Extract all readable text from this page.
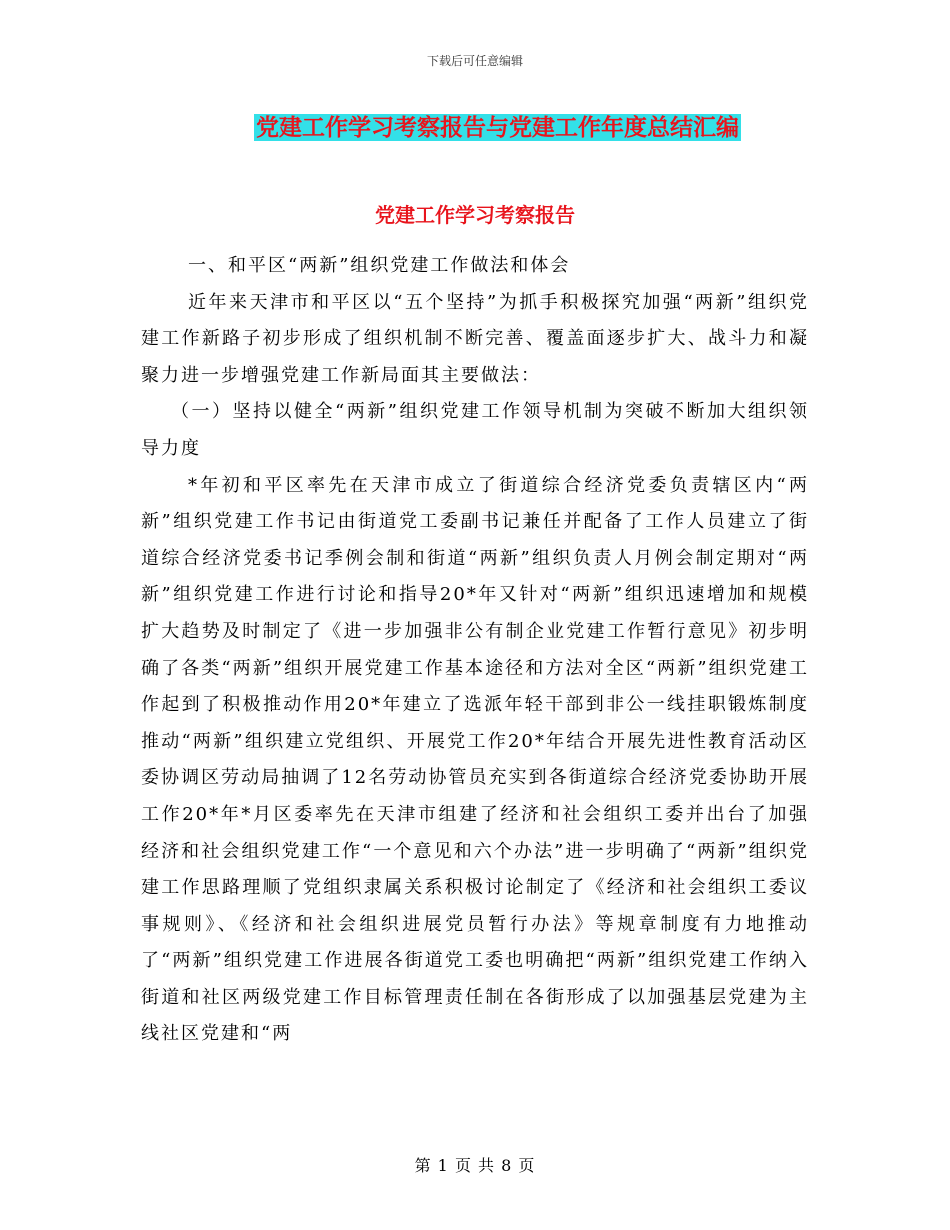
下载后可任意编辑
党建工作学习考察报告与党建工作年度总结汇编
党建工作学习考察报告

一、和平区“两新”组织党建工作做法和体会

近年来天津市和平区以“五个坚持”为抓手积极探究加强“两新”组织党建工作新路子初步形成了组织机制不断完善、覆盖面逐步扩大、战斗力和凝聚力进一步增强党建工作新局面其主要做法：

（一）坚持以健全“两新”组织党建工作领导机制为突破不断加大组织领导力度

*年初和平区率先在天津市成立了街道综合经济党委负责辖区内“两新”组织党建工作书记由街道党工委副书记兼任并配备了工作人员建立了街道综合经济党委书记季例会制和街道“两新”组织负责人月例会制定期对“两新”组织党建工作进行讨论和指导20*年又针对“两新”组织迅速增加和规模扩大趋势及时制定了《进一步加强非公有制企业党建工作暂行意见》初步明确了各类“两新”组织开展党建工作基本途径和方法对全区“两新”组织党建工作起到了积极推动作用20*年建立了选派年轻干部到非公一线挂职锻炼制度推动“两新”组织建立党组织、开展党工作20*年结合开展先进性教育活动区委协调区劳动局抽调了12名劳动协管员充实到各街道综合经济党委协助开展工作20*年*月区委率先在天津市组建了经济和社会组织工委并出台了加强经济和社会组织党建工作“一个意见和六个办法”进一步明确了“两新”组织党建工作思路理顺了党组织隶属关系积极讨论制定了《经济和社会组织工委议事规则》、《经济和社会组织进展党员暂行办法》等规章制度有力地推动了“两新”组织党建工作进展各街道党工委也明确把“两新”组织党建工作纳入街道和社区两级党建工作目标管理责任制在各街形成了以加强基层党建为主线社区党建和“两

第 1 页 共 8 页
